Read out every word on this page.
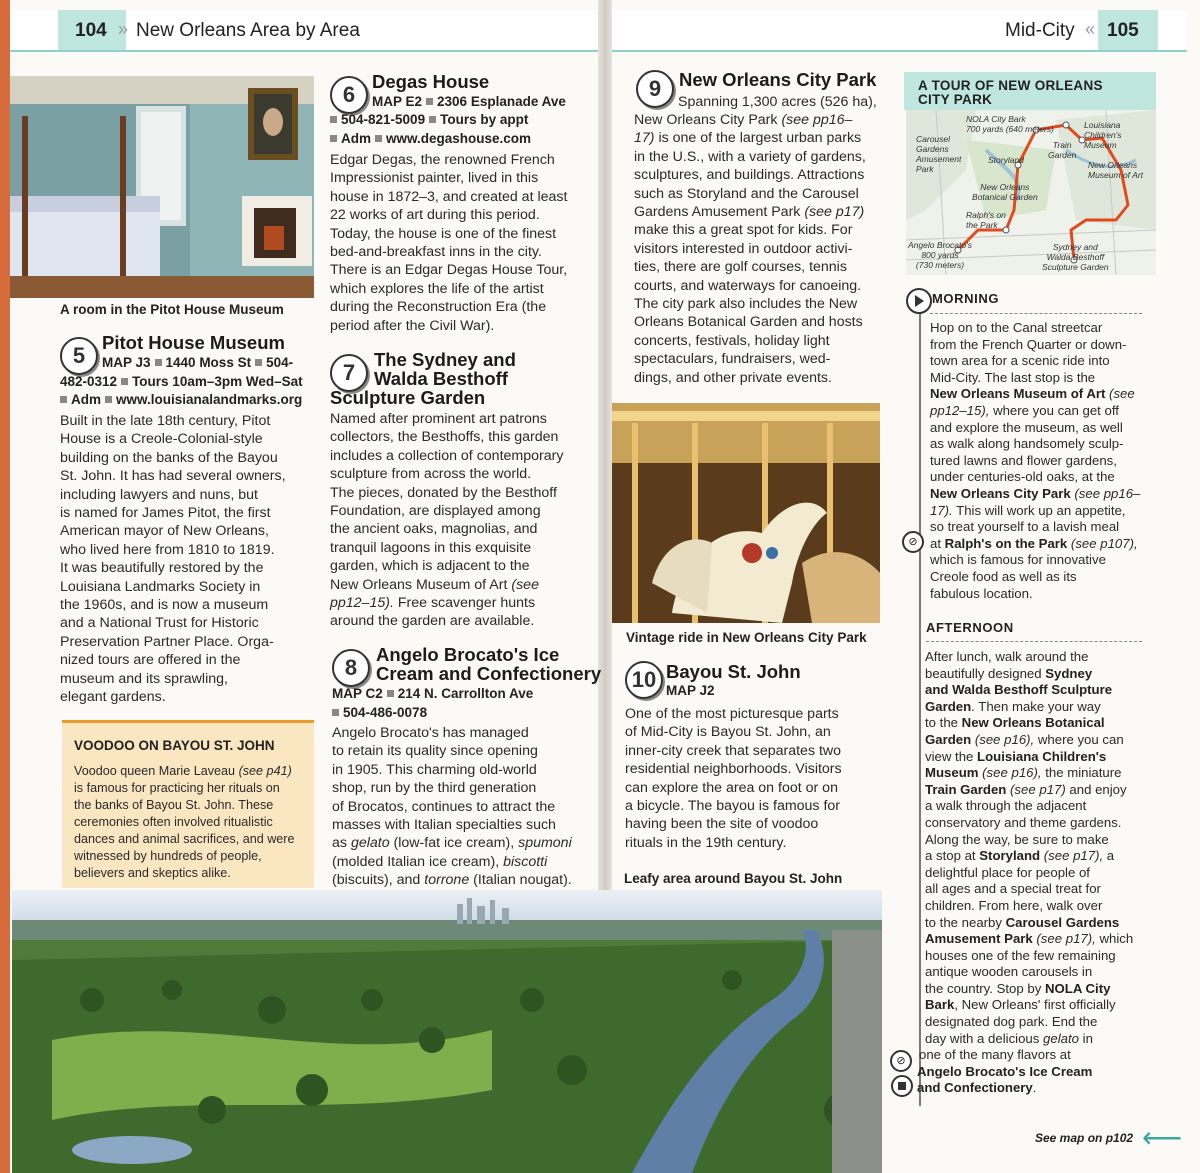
104 » New Orleans Area by Area	Mid-City « 105
A room in the Pitot House Museum
5
Pitot House Museum
MAP J3 1440 Moss St 504-
482-0312 Tours 10am–3pm Wed–Sat
Adm www.louisianalandmarks.org
Built in the late 18th century, Pitot
House is a Creole-Colonial-style
building on the banks of the Bayou
St. John. It has had several owners,
including lawyers and nuns, but
is named for James Pitot, the first
American mayor of New Orleans,
who lived here from 1810 to 1819.
It was beautifully restored by the
Louisiana Landmarks Society in
the 1960s, and is now a museum
and a National Trust for Historic
Preservation Partner Place. Orga-
nized tours are offered in the
museum and its sprawling,
elegant gardens.
VOODOO ON BAYOU ST. JOHN
Voodoo queen Marie Laveau (see p41)
is famous for practicing her rituals on
the banks of Bayou St. John. These
ceremonies often involved ritualistic
dances and animal sacrifices, and were
witnessed by hundreds of people,
believers and skeptics alike.
6
Degas House
MAP E2 2306 Esplanade Ave
504-821-5009 Tours by appt
Adm www.degashouse.com
Edgar Degas, the renowned French
Impressionist painter, lived in this
house in 1872–3, and created at least
22 works of art during this period.
Today, the house is one of the finest
bed-and-breakfast inns in the city.
There is an Edgar Degas House Tour,
which explores the life of the artist
during the Reconstruction Era (the
period after the Civil War).
7
The Sydney and
Walda Besthoff
Sculpture Garden
Named after prominent art patrons
collectors, the Besthoffs, this garden
includes a collection of contemporary
sculpture from across the world.
The pieces, donated by the Besthoff
Foundation, are displayed among
the ancient oaks, magnolias, and
tranquil lagoons in this exquisite
garden, which is adjacent to the
New Orleans Museum of Art (see
pp12–15). Free scavenger hunts
around the garden are available.
8
Angelo Brocato's Ice
Cream and Confectionery
MAP C2 214 N. Carrollton Ave
504-486-0078
Angelo Brocato's has managed
to retain its quality since opening
in 1905. This charming old-world
shop, run by the third generation
of Brocatos, continues to attract the
masses with Italian specialties such
as gelato (low-fat ice cream), spumoni
(molded Italian ice cream), biscotti
(biscuits), and torrone (Italian nougat).
9 New Orleans City Park
Spanning 1,300 acres (526 ha),
New Orleans City Park (see pp16–
17) is one of the largest urban parks
in the U.S., with a variety of gardens,
sculptures, and buildings. Attractions
such as Storyland and the Carousel
Gardens Amusement Park (see p17)
make this a great spot for kids. For
visitors interested in outdoor activi-
ties, there are golf courses, tennis
courts, and waterways for canoeing.
The city park also includes the New
Orleans Botanical Garden and hosts
concerts, festivals, holiday light
spectaculars, fundraisers, wed-
dings, and other private events.
Vintage ride in New Orleans City Park
10 Bayou St. John
MAP J2
One of the most picturesque parts
of Mid-City is Bayou St. John, an
inner-city creek that separates two
residential neighborhoods. Visitors
can explore the area on foot or on
a bicycle. The bayou is famous for
having been the site of voodoo
rituals in the 19th century.
Leafy area around Bayou St. John
A TOUR OF NEW ORLEANS
CITY PARK
NOLA City Bark
700 yards (640 meters)	Louisiana
Children's
Museum
Carousel
Gardens
Amusement
Park
Train
Garden
Storyland	New Orleans
Museum of Art
New Orleans
Botanical Garden
Ralph's on
the Park
Angelo Brocato's
800 yards
(730 meters)
Sydney and
Walda Besthoff
Sculpture Garden
MORNING
Hop on to the Canal streetcar
from the French Quarter or down-
town area for a scenic ride into
Mid-City. The last stop is the
New Orleans Museum of Art (see
pp12–15), where you can get off
and explore the museum, as well
as walk along handsomely sculp-
tured lawns and flower gardens,
under centuries-old oaks, at the
New Orleans City Park (see pp16–
17). This will work up an appetite,
so treat yourself to a lavish meal
at Ralph's on the Park (see p107),
which is famous for innovative
Creole food as well as its
fabulous location.
⊘
AFTERNOON
After lunch, walk around the
beautifully designed Sydney
and Walda Besthoff Sculpture
Garden. Then make your way
to the New Orleans Botanical
Garden (see p16), where you can
view the Louisiana Children's
Museum (see p16), the miniature
Train Garden (see p17) and enjoy
a walk through the adjacent
conservatory and theme gardens.
Along the way, be sure to make
a stop at Storyland (see p17), a
delightful place for people of
all ages and a special treat for
children. From here, walk over
to the nearby Carousel Gardens
Amusement Park (see p17), which
houses one of the few remaining
antique wooden carousels in
the country. Stop by NOLA City
Bark, New Orleans' first officially
designated dog park. End the
day with a delicious gelato in
one of the many flavors at
Angelo Brocato's Ice Cream
and Confectionery.
⊘
See map on p102 ⟵
